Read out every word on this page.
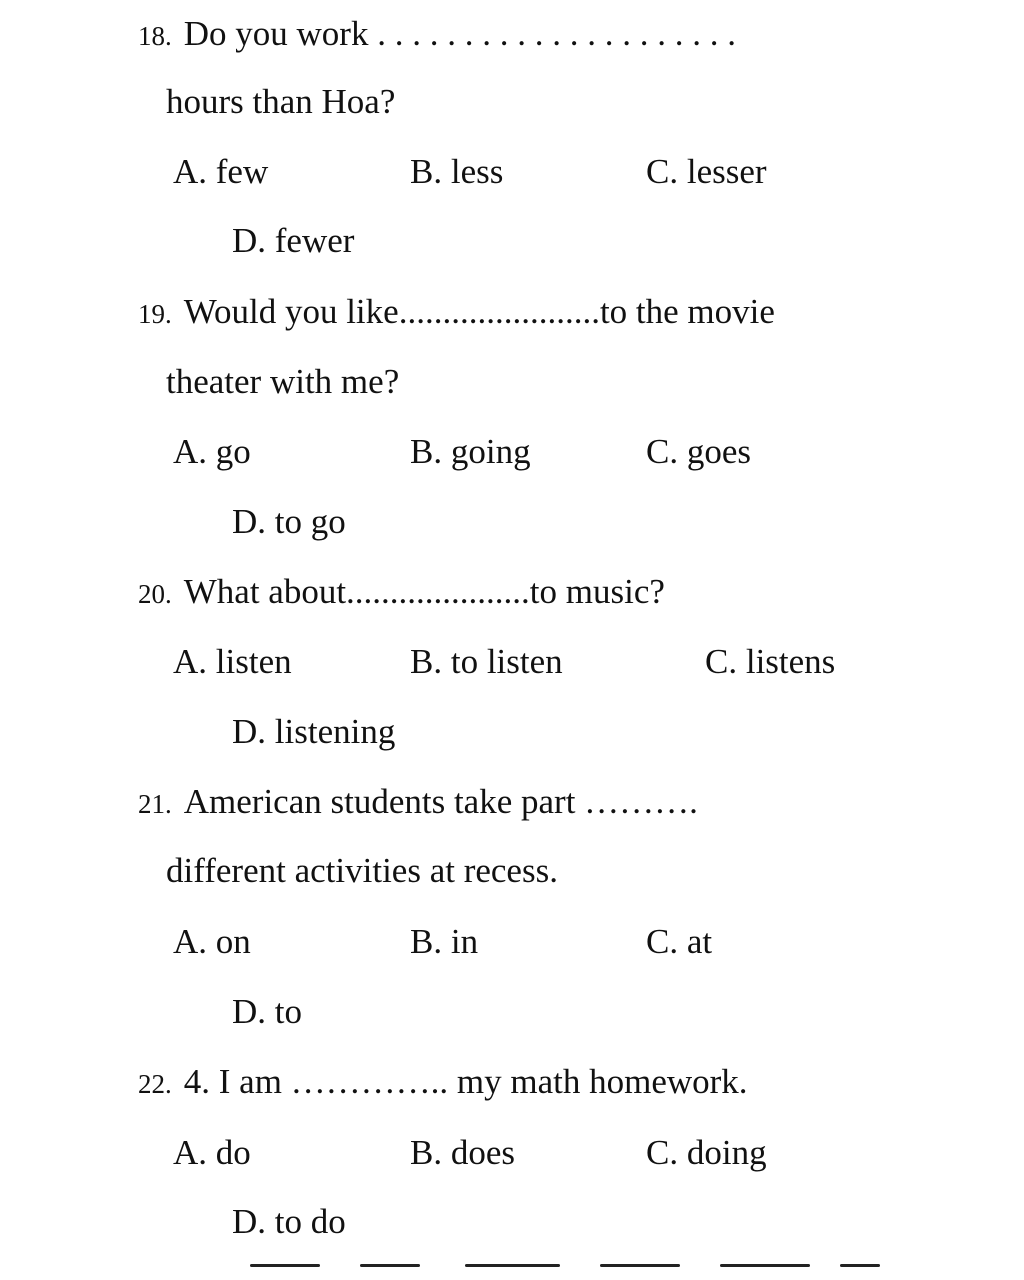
18. Do you work . . . . . . . . . . . . . . . . . . . . .
hours than Hoa?
A. few	B. less	C. lesser
D. fewer
19. Would you like.......................to the movie
theater with me?
A. go	B. going	C. goes
D. to go
20. What about.....................to music?
A. listen	B. to listen	C. listens
D. listening
21. American students take part ……….
different activities at recess.
A. on	B. in	C. at
D. to
22. 4. I am ………….. my math homework.
A. do	B. does	C. doing
D. to do
